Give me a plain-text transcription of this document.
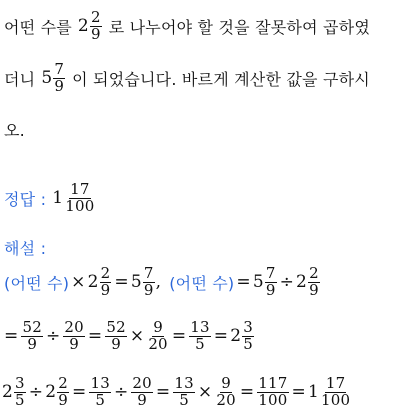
어떤 수를 $2 \frac{2}{9}$ 로 나누어야 할 것을 잘못하여 곱하였
더니 $5 \frac{7}{9}$ 이 되었습니다. 바르게 계산한 값을 구하시
오.
정답 : $1 \frac{17}{100}$
해설 :
(어떤 수) × $2 \frac{2}{9} = 5 \frac{7}{9}$ , (어떤 수) = $5 \frac{7}{9} \div 2 \frac{2}{9}$
= $\frac{52}{9} \div \frac{20}{9} = \frac{52}{9} \times \frac{9}{20} = \frac{13}{5} = 2 \frac{3}{5}$
$2 \frac{3}{5} \div 2 \frac{2}{9} = \frac{13}{5} \div \frac{20}{9} = \frac{13}{5} \times \frac{9}{20} = \frac{117}{100} = 1 \frac{17}{100}$
